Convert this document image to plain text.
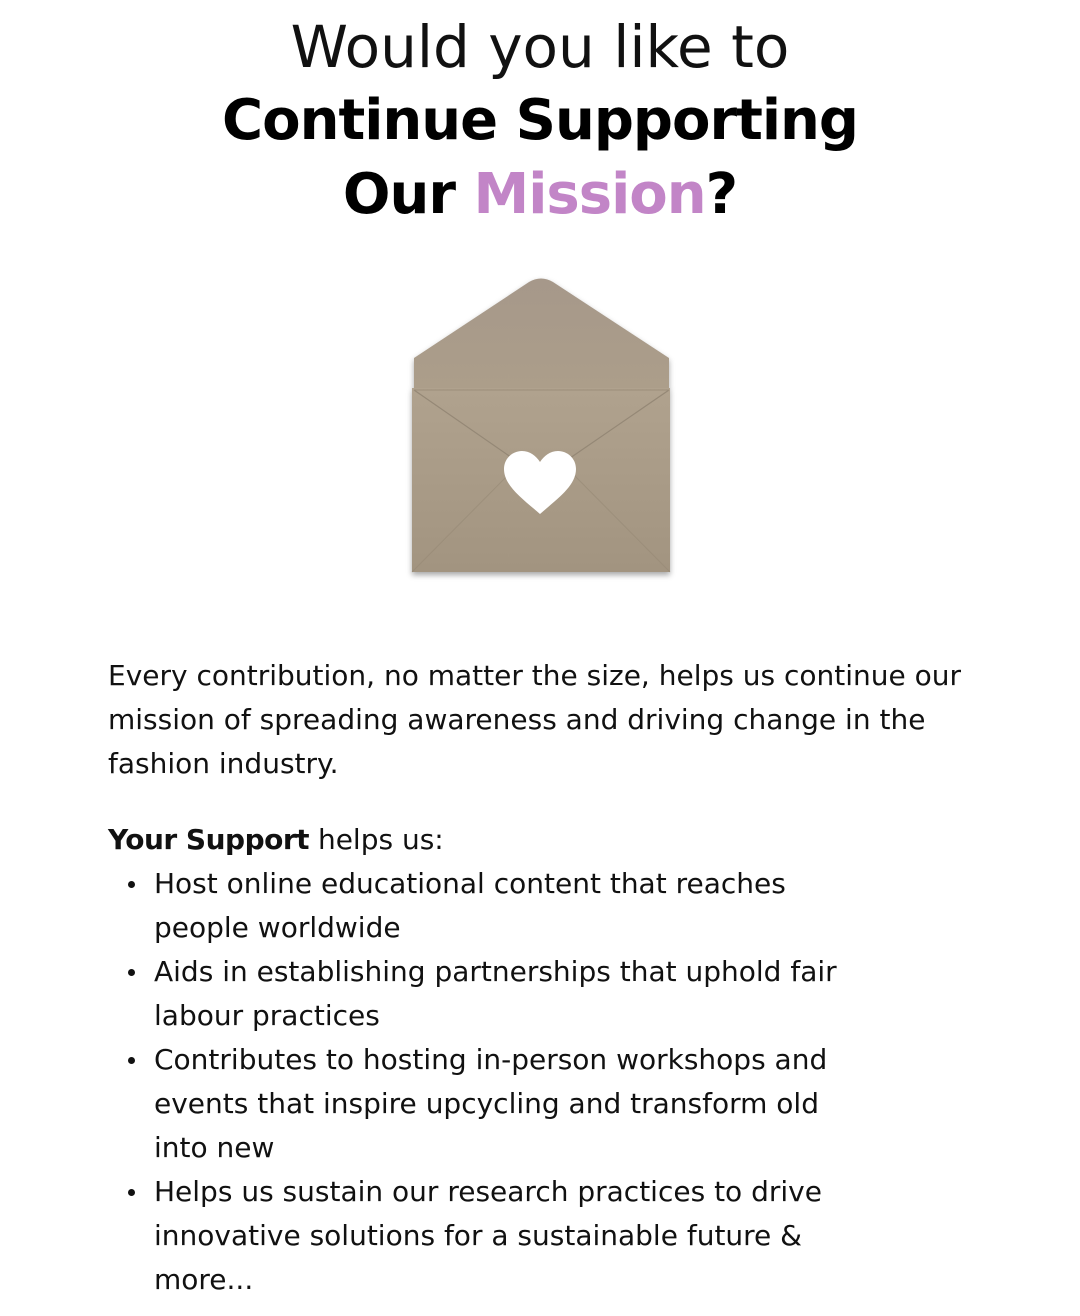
Would you like to
Continue Supporting
Our Mission?

Every contribution, no matter the size, helps us continue our mission of spreading awareness and driving change in the fashion industry.

Your Support helps us:

Host online educational content that reaches people worldwide
Aids in establishing partnerships that uphold fair labour practices
Contributes to hosting in-person workshops and events that inspire upcycling and transform old into new
Helps us sustain our research practices to drive innovative solutions for a sustainable future & more...
